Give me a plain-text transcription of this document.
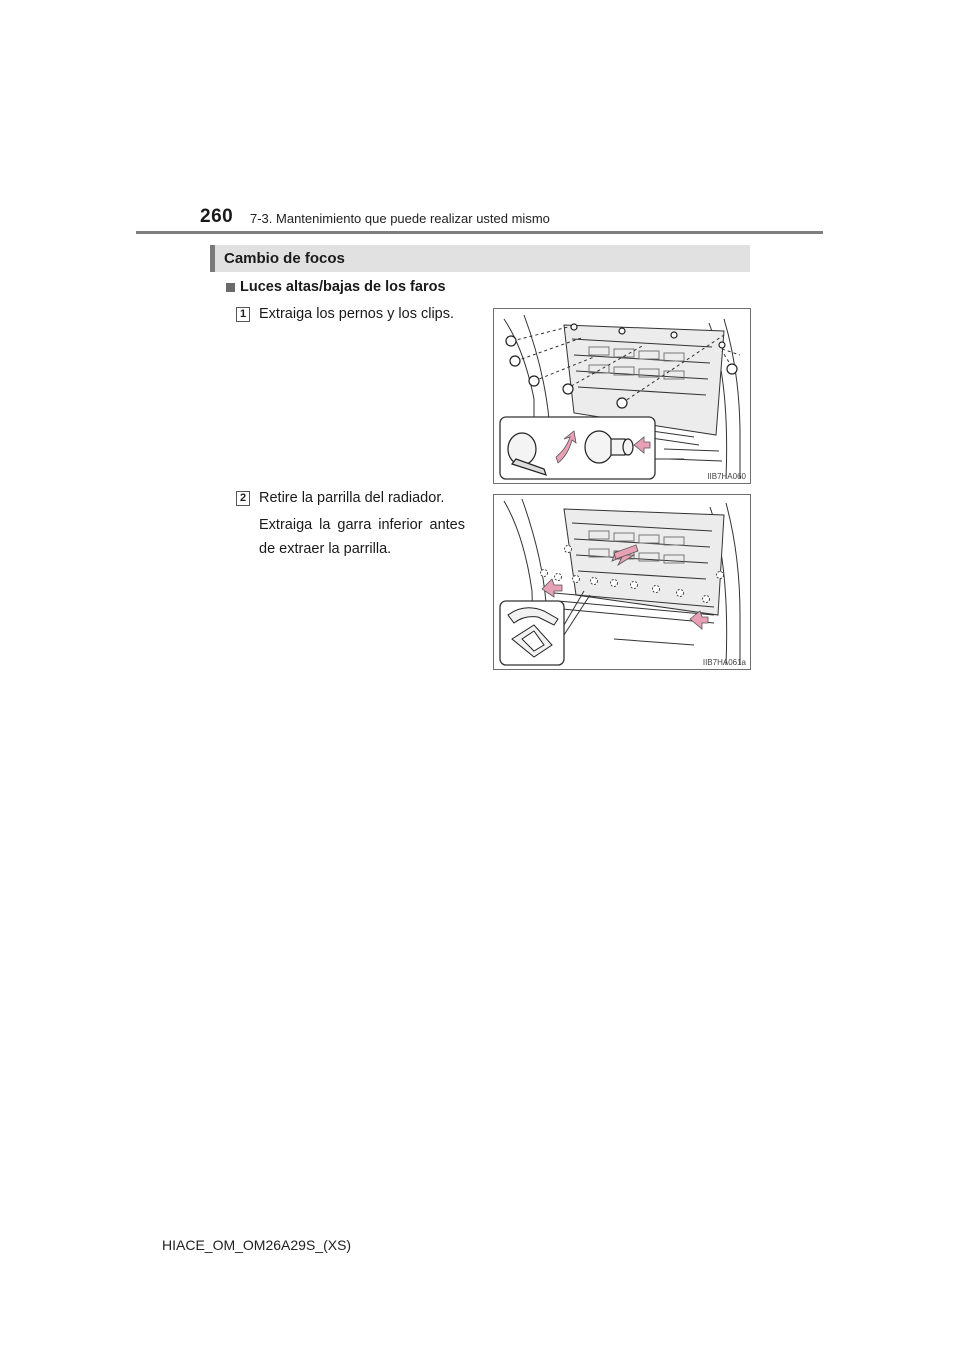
260 7-3. Mantenimiento que puede realizar usted mismo
Cambio de focos
Luces altas/bajas de los faros
1 Extraiga los pernos y los clips.
IIB7HA060
2 Retire la parrilla del radiador.
Extraiga la garra inferior antes de extraer la parrilla.
IIB7HA061a
HIACE_OM_OM26A29S_(XS)
